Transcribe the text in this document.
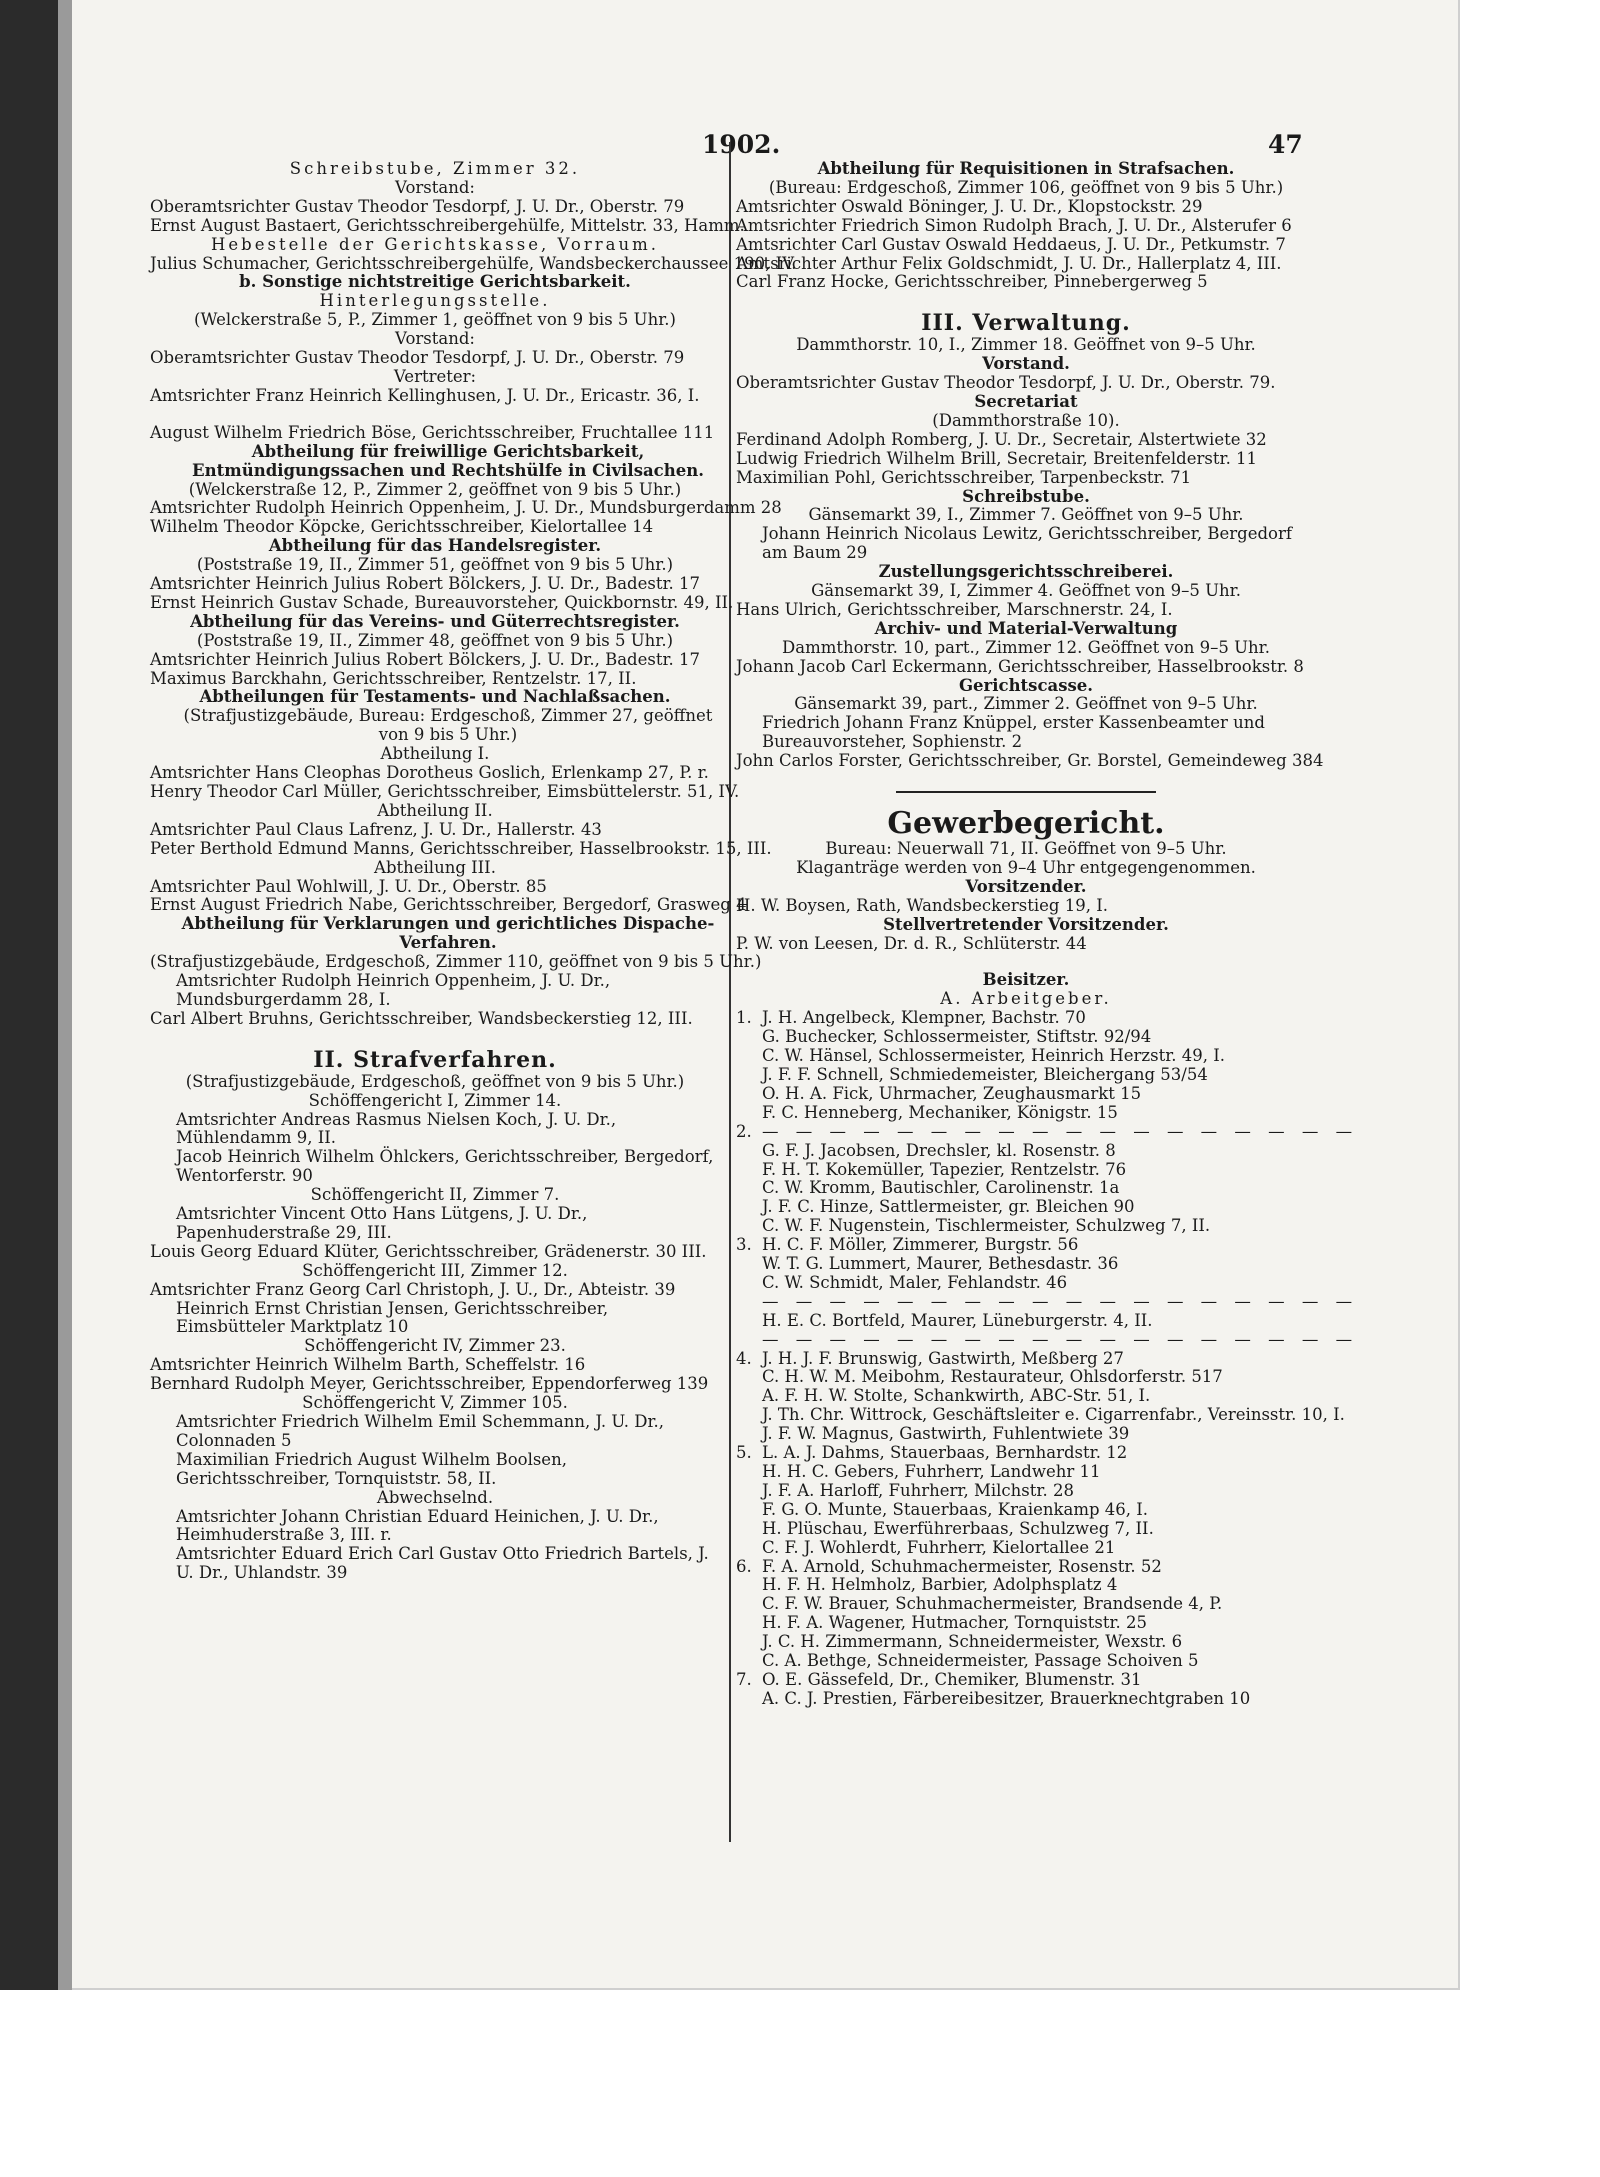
1902.	47
Schreibstube, Zimmer 32.
Vorstand:
Oberamtsrichter Gustav Theodor Tesdorpf, J. U. Dr., Oberstr. 79
Ernst August Bastaert, Gerichtsschreibergehülfe, Mittelstr. 33, Hamm.
Hebestelle der Gerichtskasse, Vorraum.
Julius Schumacher, Gerichtsschreibergehülfe, Wandsbeckerchaussee 190, IV.
b. Sonstige nichtstreitige Gerichtsbarkeit.
Hinterlegungsstelle.
(Welckerstraße 5, P., Zimmer 1, geöffnet von 9 bis 5 Uhr.)
Vorstand:
Oberamtsrichter Gustav Theodor Tesdorpf, J. U. Dr., Oberstr. 79
Vertreter:
Amtsrichter Franz Heinrich Kellinghusen, J. U. Dr., Ericastr. 36, I.
August Wilhelm Friedrich Böse, Gerichtsschreiber, Fruchtallee 111
Abtheilung für freiwillige Gerichtsbarkeit, Entmündigungssachen und Rechtshülfe in Civilsachen.
(Welckerstraße 12, P., Zimmer 2, geöffnet von 9 bis 5 Uhr.)
Amtsrichter Rudolph Heinrich Oppenheim, J. U. Dr., Mundsburgerdamm 28
Wilhelm Theodor Köpcke, Gerichtsschreiber, Kielortallee 14
Abtheilung für das Handelsregister.
(Poststraße 19, II., Zimmer 51, geöffnet von 9 bis 5 Uhr.)
Amtsrichter Heinrich Julius Robert Bölckers, J. U. Dr., Badestr. 17
Ernst Heinrich Gustav Schade, Bureauvorsteher, Quickbornstr. 49, II.
Abtheilung für das Vereins- und Güterrechtsregister.
(Poststraße 19, II., Zimmer 48, geöffnet von 9 bis 5 Uhr.)
Amtsrichter Heinrich Julius Robert Bölckers, J. U. Dr., Badestr. 17
Maximus Barckhahn, Gerichtsschreiber, Rentzelstr. 17, II.
Abtheilungen für Testaments- und Nachlaßsachen.
(Strafjustizgebäude, Bureau: Erdgeschoß, Zimmer 27, geöffnet von 9 bis 5 Uhr.)
Abtheilung I.
Amtsrichter Hans Cleophas Dorotheus Goslich, Erlenkamp 27, P. r.
Henry Theodor Carl Müller, Gerichtsschreiber, Eimsbüttelerstr. 51, IV.
Abtheilung II.
Amtsrichter Paul Claus Lafrenz, J. U. Dr., Hallerstr. 43
Peter Berthold Edmund Manns, Gerichtsschreiber, Hasselbrookstr. 15, III.
Abtheilung III.
Amtsrichter Paul Wohlwill, J. U. Dr., Oberstr. 85
Ernst August Friedrich Nabe, Gerichtsschreiber, Bergedorf, Grasweg 4
Abtheilung für Verklarungen und gerichtliches Dispache-Verfahren.
(Strafjustizgebäude, Erdgeschoß, Zimmer 110, geöffnet von 9 bis 5 Uhr.)
Amtsrichter Rudolph Heinrich Oppenheim, J. U. Dr., Mundsburgerdamm 28, I.
Carl Albert Bruhns, Gerichtsschreiber, Wandsbeckerstieg 12, III.
II. Strafverfahren.
(Strafjustizgebäude, Erdgeschoß, geöffnet von 9 bis 5 Uhr.)
Schöffengericht I, Zimmer 14.
Amtsrichter Andreas Rasmus Nielsen Koch, J. U. Dr., Mühlendamm 9, II.
Jacob Heinrich Wilhelm Öhlckers, Gerichtsschreiber, Bergedorf, Wentorferstr. 90
Schöffengericht II, Zimmer 7.
Amtsrichter Vincent Otto Hans Lütgens, J. U. Dr., Papenhuderstraße 29, III.
Louis Georg Eduard Klüter, Gerichtsschreiber, Grädenerstr. 30 III.
Schöffengericht III, Zimmer 12.
Amtsrichter Franz Georg Carl Christoph, J. U., Dr., Abteistr. 39
Heinrich Ernst Christian Jensen, Gerichtsschreiber, Eimsbütteler Marktplatz 10
Schöffengericht IV, Zimmer 23.
Amtsrichter Heinrich Wilhelm Barth, Scheffelstr. 16
Bernhard Rudolph Meyer, Gerichtsschreiber, Eppendorferweg 139
Schöffengericht V, Zimmer 105.
Amtsrichter Friedrich Wilhelm Emil Schemmann, J. U. Dr., Colonnaden 5
Maximilian Friedrich August Wilhelm Boolsen, Gerichtsschreiber, Tornquiststr. 58, II.
Abwechselnd.
Amtsrichter Johann Christian Eduard Heinichen, J. U. Dr., Heimhuderstraße 3, III. r.
Amtsrichter Eduard Erich Carl Gustav Otto Friedrich Bartels, J. U. Dr., Uhlandstr. 39
Abtheilung für Requisitionen in Strafsachen.
(Bureau: Erdgeschoß, Zimmer 106, geöffnet von 9 bis 5 Uhr.)
Amtsrichter Oswald Böninger, J. U. Dr., Klopstockstr. 29
Amtsrichter Friedrich Simon Rudolph Brach, J. U. Dr., Alsterufer 6
Amtsrichter Carl Gustav Oswald Heddaeus, J. U. Dr., Petkumstr. 7
Amtsrichter Arthur Felix Goldschmidt, J. U. Dr., Hallerplatz 4, III.
Carl Franz Hocke, Gerichtsschreiber, Pinnebergerweg 5
III. Verwaltung.
Dammthorstr. 10, I., Zimmer 18. Geöffnet von 9–5 Uhr.
Vorstand.
Oberamtsrichter Gustav Theodor Tesdorpf, J. U. Dr., Oberstr. 79.
Secretariat
(Dammthorstraße 10).
Ferdinand Adolph Romberg, J. U. Dr., Secretair, Alstertwiete 32
Ludwig Friedrich Wilhelm Brill, Secretair, Breitenfelderstr. 11
Maximilian Pohl, Gerichtsschreiber, Tarpenbeckstr. 71
Schreibstube.
Gänsemarkt 39, I., Zimmer 7. Geöffnet von 9–5 Uhr.
Johann Heinrich Nicolaus Lewitz, Gerichtsschreiber, Bergedorf am Baum 29
Zustellungsgerichtsschreiberei.
Gänsemarkt 39, I, Zimmer 4. Geöffnet von 9–5 Uhr.
Hans Ulrich, Gerichtsschreiber, Marschnerstr. 24, I.
Archiv- und Material-Verwaltung
Dammthorstr. 10, part., Zimmer 12. Geöffnet von 9–5 Uhr.
Johann Jacob Carl Eckermann, Gerichtsschreiber, Hasselbrookstr. 8
Gerichtscasse.
Gänsemarkt 39, part., Zimmer 2. Geöffnet von 9–5 Uhr.
Friedrich Johann Franz Knüppel, erster Kassenbeamter und Bureauvorsteher, Sophienstr. 2
John Carlos Forster, Gerichtsschreiber, Gr. Borstel, Gemeindeweg 384
Gewerbegericht.
Bureau: Neuerwall 71, II. Geöffnet von 9–5 Uhr.
Klaganträge werden von 9–4 Uhr entgegengenommen.
Vorsitzender.
H. W. Boysen, Rath, Wandsbeckerstieg 19, I.
Stellvertretender Vorsitzender.
P. W. von Leesen, Dr. d. R., Schlüterstr. 44
Beisitzer.
A. Arbeitgeber.
1. J. H. Angelbeck, Klempner, Bachstr. 70
G. Buchecker, Schlossermeister, Stiftstr. 92/94
C. W. Hänsel, Schlossermeister, Heinrich Herzstr. 49, I.
J. F. F. Schnell, Schmiedemeister, Bleichergang 53/54
O. H. A. Fick, Uhrmacher, Zeughausmarkt 15
F. C. Henneberg, Mechaniker, Königstr. 15
2. — — — — — — — — — — — — — — — — — —
G. F. J. Jacobsen, Drechsler, kl. Rosenstr. 8
F. H. T. Kokemüller, Tapezier, Rentzelstr. 76
C. W. Kromm, Bautischler, Carolinenstr. 1a
J. F. C. Hinze, Sattlermeister, gr. Bleichen 90
C. W. F. Nugenstein, Tischlermeister, Schulzweg 7, II.
3. H. C. F. Möller, Zimmerer, Burgstr. 56
W. T. G. Lummert, Maurer, Bethesdastr. 36
C. W. Schmidt, Maler, Fehlandstr. 46
— — — — — — — — — — — — — — — — — —
H. E. C. Bortfeld, Maurer, Lüneburgerstr. 4, II.
— — — — — — — — — — — — — — — — — —
4. J. H. J. F. Brunswig, Gastwirth, Meßberg 27
C. H. W. M. Meibohm, Restaurateur, Ohlsdorferstr. 517
A. F. H. W. Stolte, Schankwirth, ABC-Str. 51, I.
J. Th. Chr. Wittrock, Geschäftsleiter e. Cigarrenfabr., Vereinsstr. 10, I.
J. F. W. Magnus, Gastwirth, Fuhlentwiete 39
5. L. A. J. Dahms, Stauerbaas, Bernhardstr. 12
H. H. C. Gebers, Fuhrherr, Landwehr 11
J. F. A. Harloff, Fuhrherr, Milchstr. 28
F. G. O. Munte, Stauerbaas, Kraienkamp 46, I.
H. Plüschau, Ewerführerbaas, Schulzweg 7, II.
C. F. J. Wohlerdt, Fuhrherr, Kielortallee 21
6. F. A. Arnold, Schuhmachermeister, Rosenstr. 52
H. F. H. Helmholz, Barbier, Adolphsplatz 4
C. F. W. Brauer, Schuhmachermeister, Brandsende 4, P.
H. F. A. Wagener, Hutmacher, Tornquiststr. 25
J. C. H. Zimmermann, Schneidermeister, Wexstr. 6
C. A. Bethge, Schneidermeister, Passage Schoiven 5
7. O. E. Gässefeld, Dr., Chemiker, Blumenstr. 31
A. C. J. Prestien, Färbereibesitzer, Brauerknechtgraben 10
